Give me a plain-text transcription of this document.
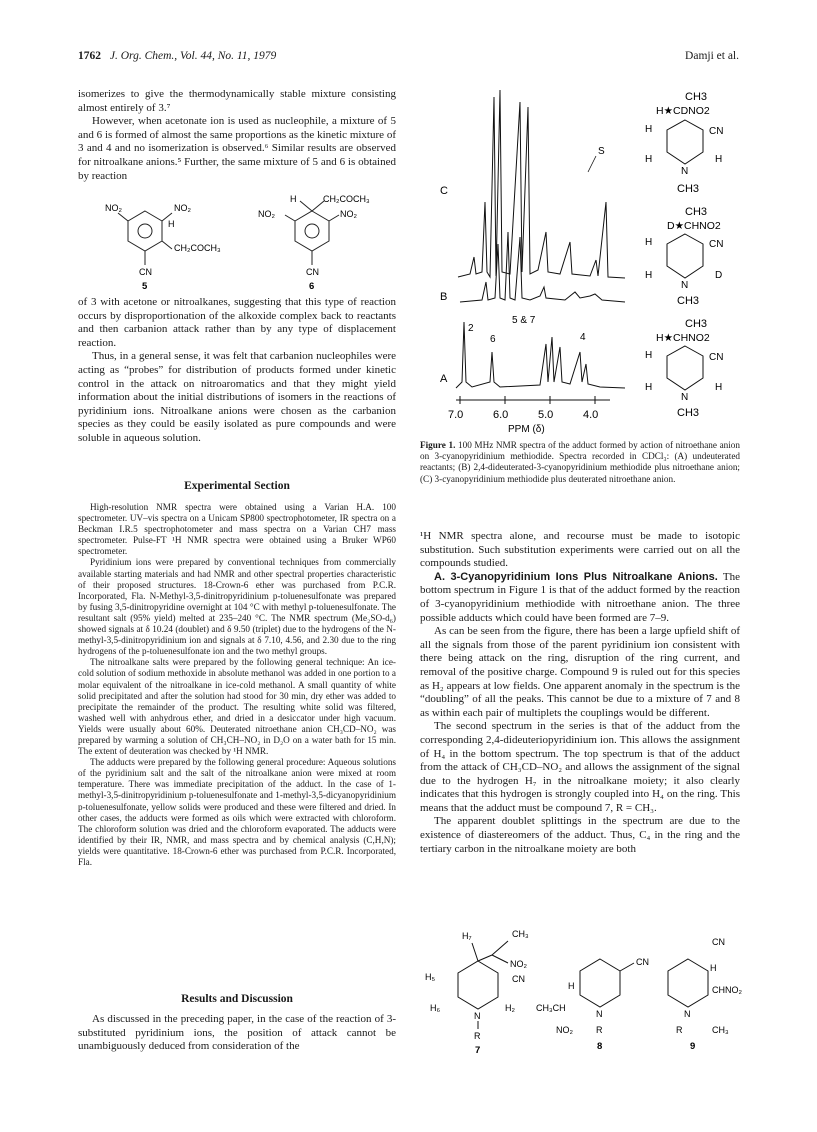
1762 J. Org. Chem., Vol. 44, No. 11, 1979	Damji et al.

isomerizes to give the thermodynamically stable mixture consisting almost entirely of 3.⁷

However, when acetonate ion is used as nucleophile, a mixture of 5 and 6 is formed of almost the same proportions as the kinetic mixture of 3 and 4 and no isomerization is observed.⁶ Similar results are observed for nitroalkane anions.⁵ Further, the same mixture of 5 and 6 is obtained by reaction

NO₂	NO₂
H
CH₂COCH₃
CN
5
H	CH₂COCH₃
NO₂	NO₂
CN
6

of 3 with acetone or nitroalkanes, suggesting that this type of reaction occurs by disproportionation of the alkoxide complex back to reactants and then carbanion attack rather than by any type of displacement reaction.

Thus, in a general sense, it was felt that carbanion nucleophiles were acting as “probes” for distribution of products formed under kinetic control in the attack on nitroaromatics and that they might yield information about the initial distributions of isomers in the reactions of pyridinium ions. Nitroalkane anions were chosen as the carbanion species as they could be easily isolated as pure compounds and were soluble in aqueous solution.

Experimental Section

High-resolution NMR spectra were obtained using a Varian H.A. 100 spectrometer. UV–vis spectra on a Unicam SP800 spectrophotometer, IR spectra on a Beckman I.R.5 spectrophotometer and mass spectra on a Varian CH7 mass spectrometer. Pulse-FT ¹H NMR spectra were obtained using a Bruker WP60 spectrometer.

Pyridinium ions were prepared by conventional techniques from commercially available starting materials and had NMR and other spectral properties characteristic of their proposed structures. 18-Crown-6 ether was purchased from P.C.R. Incorporated, Fla. N-Methyl-3,5-dinitropyridinium p-toluenesulfonate was prepared by fusing 3,5-dinitropyridine overnight at 104 °C with methyl p-toluenesulfonate. The resultant salt (95% yield) melted at 235–240 °C. The NMR spectrum (Me₂SO-d₆) showed signals at δ 10.24 (doublet) and δ 9.50 (triplet) due to the hydrogens of the N-methyl-3,5-dinitropyridinium ion and signals at δ 7.10, 4.56, and 2.30 due to the ring hydrogens of the p-toluenesulfonate ion and the two methyl groups.

The nitroalkane salts were prepared by the following general technique: An ice-cold solution of sodium methoxide in absolute methanol was added in one portion to a molar equivalent of the nitroalkane in ice-cold methanol. A small quantity of white solid precipitated and after the solution had stood for 30 min, dry ether was added to precipitate the remainder of the product. The resulting white solid was filtered, washed well with anhydrous ether, and dried in a desiccator under high vacuum. Yields were usually about 60%. Deuterated nitroethane anion CH₃CD–NO₂ was prepared by warming a solution of CH₃CH–NO₂ in D₂O on a water bath for 15 min. The extent of deuteration was checked by ¹H NMR.

The adducts were prepared by the following general procedure: Aqueous solutions of the pyridinium salt and the salt of the nitroalkane anion were mixed at room temperature. There was immediate precipitation of the adduct. In the case of 1-methyl-3,5-dinitropyridinium p-toluenesulfonate and 1-methyl-3,5-dicyanopyridinium p-toluenesulfonate, yellow solids were produced and these were filtered and dried. In other cases, the adducts were formed as oils which were extracted with chloroform. The chloroform solution was dried and the chloroform evaporated. The adducts were identified by their IR, NMR, and mass spectra and by chemical analysis (C,H,N); yields were quantitative. 18-Crown-6 ether was purchased from P.C.R. Incorporated, Fla.

Results and Discussion

As discussed in the preceding paper, in the case of the reaction of 3-substituted pyridinium ions, the position of attack cannot be unambiguously deduced from consideration of the

C
S
B
5 & 7
4
2
6
A
7.0	6.0	5.0	4.0
PPM (δ)
CH3
H★CDNO2
H	CN
H
N
H
CH3
CH3
D★CHNO2
H	CN
H
N
D
CH3
CH3
H★CHNO2
H	CN
H
N
H
CH3
Figure 1. 100 MHz NMR spectra of the adduct formed by action of nitroethane anion on 3-cyanopyridinium methiodide. Spectra recorded in CDCl₃: (A) undeuterated reactants; (B) 2,4-dideuterated-3-cyanopyridinium methiodide plus nitroethane anion; (C) 3-cyanopyridinium methiodide plus deuterated nitroethane anion.

¹H NMR spectra alone, and recourse must be made to isotopic substitution. Such substitution experiments were carried out on all the compounds studied.

A. 3-Cyanopyridinium Ions Plus Nitroalkane Anions. The bottom spectrum in Figure 1 is that of the adduct formed by the reaction of 3-cyanopyridinium methiodide with nitroethane anion. The three possible adducts which could have been formed are 7–9.

As can be seen from the figure, there has been a large upfield shift of all the signals from those of the parent pyridinium ion consistent with there being attack on the ring, disruption of the ring current, and removal of the positive charge. Compound 9 is ruled out for this species as H₂ appears at low fields. One apparent anomaly in the spectrum is the “doubling” of all the peaks. This cannot be due to a mixture of 7 and 8 as within each pair of multiplets the couplings would be different.

The second spectrum in the series is that of the adduct from the corresponding 2,4-dideuteriopyridinium ion. This allows the assignment of H₄ in the bottom spectrum. The top spectrum is that of the adduct from the attack of CH₃CD–NO₂ and allows the assignment of the signal due to the hydrogen H₇ in the nitroalkane moiety; it also clearly indicates that this hydrogen is strongly coupled into H₄ on the ring. This means that the adduct must be compound 7, R = CH₃.

The apparent doublet splittings in the spectrum are due to the existence of diastereomers of the adduct. Thus, C₄ in the ring and the tertiary carbon in the nitroalkane moiety are both

H₇	CH₃
NO₂
H₅	CN
H₆
N
H₂
R
7
CN
H
CH₃CH
N
NO₂	R
8
CN
H
CHNO₂
N
R	CH₃
9
